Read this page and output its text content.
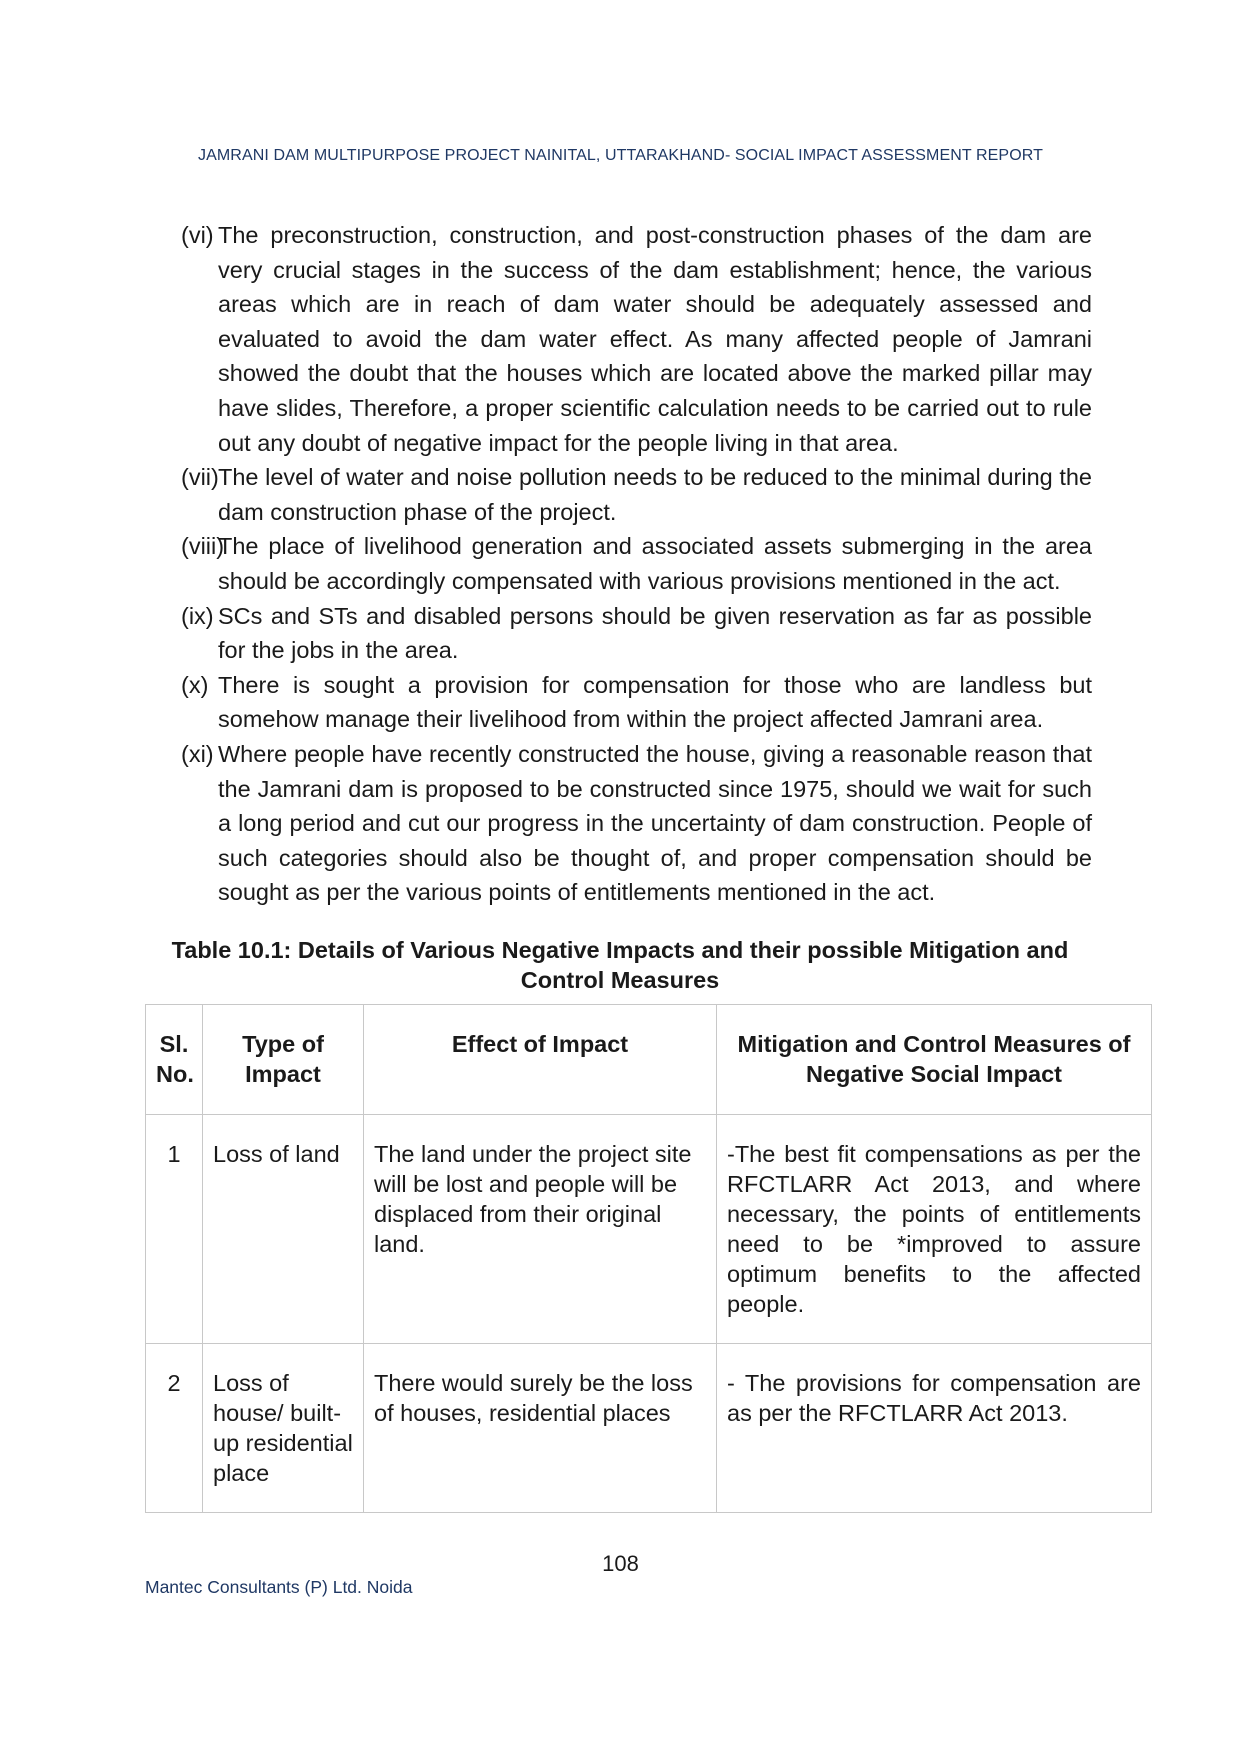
JAMRANI DAM MULTIPURPOSE PROJECT NAINITAL, UTTARAKHAND- SOCIAL IMPACT ASSESSMENT REPORT
(vi) The preconstruction, construction, and post-construction phases of the dam are very crucial stages in the success of the dam establishment; hence, the various areas which are in reach of dam water should be adequately assessed and evaluated to avoid the dam water effect. As many affected people of Jamrani showed the doubt that the houses which are located above the marked pillar may have slides, Therefore, a proper scientific calculation needs to be carried out to rule out any doubt of negative impact for the people living in that area.
(vii) The level of water and noise pollution needs to be reduced to the minimal during the dam construction phase of the project.
(viii)
The place of livelihood generation and associated assets submerging in the area should be accordingly compensated with various provisions mentioned in the act.
(ix) SCs and STs and disabled persons should be given reservation as far as possible for the jobs in the area.
(x) There is sought a provision for compensation for those who are landless but somehow manage their livelihood from within the project affected Jamrani area.
(xi) Where people have recently constructed the house, giving a reasonable reason that the Jamrani dam is proposed to be constructed since 1975, should we wait for such a long period and cut our progress in the uncertainty of dam construction. People of such categories should also be thought of, and proper compensation should be sought as per the various points of entitlements mentioned in the act.
Table 10.1: Details of Various Negative Impacts and their possible Mitigation and Control Measures
Sl. No.	Type of Impact	Effect of Impact	Mitigation and Control Measures of Negative Social Impact
1	Loss of land	The land under the project site will be lost and people will be displaced from their original land.	-The best fit compensations as per the RFCTLARR Act 2013, and where necessary, the points of entitlements need to be *improved to assure optimum benefits to the affected people.
2	Loss of house/ built-up residential place	There would surely be the loss of houses, residential places	- The provisions for compensation are as per the RFCTLARR Act 2013.
108
Mantec Consultants (P) Ltd. Noida
